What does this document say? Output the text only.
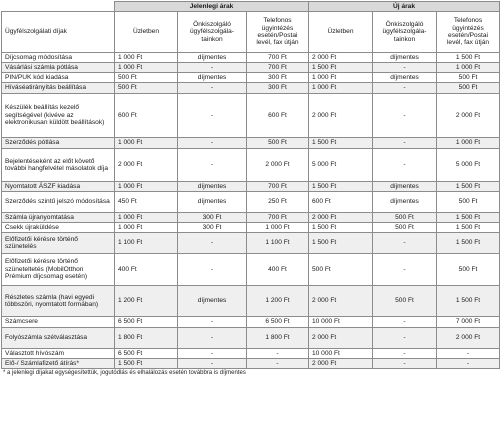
	Jelenlegi árak			Új árak		
Ügyfélszolgálati díjak	Üzletben	Önkiszolgáló ügyfélszolgála-tainkon	Telefonos ügyintézés esetén/Postai levél, fax útján	Üzletben	Önkiszolgáló ügyfélszolgála-tainkon	Telefonos ügyintézés esetén/Postai levél, fax útján
Díjcsomag módosítása	1 000 Ft	díjmentes	700 Ft	2 000 Ft	díjmentes	1 500 Ft
Vásárlási számla pótlása	1 000 Ft	-	700 Ft	1 500 Ft	-	1 000 Ft
PIN/PUK kód kiadása	500 Ft	díjmentes	300 Ft	1 000 Ft	díjmentes	500 Ft
Híváséatirányítás beállítása	500 Ft	-	300 Ft	1 000 Ft	-	500 Ft
Készülék beállítás kezelő segítségével (kivéve az elektronikusan küldött beállítások)	600 Ft	-	600 Ft	2 000 Ft	-	2 000 Ft
Szerződés pótlása	1 000 Ft	-	500 Ft	1 500 Ft	-	1 000 Ft
Bejelentéseként az előt követő további hangfelvétel másolatok díja	2 000 Ft	-	2 000 Ft	5 000 Ft	-	5 000 Ft
Nyomtatott ÁSZF kiadása	1 000 Ft	díjmentes	700 Ft	1 500 Ft	díjmentes	1 500 Ft
Szerződés szintű jelszó módosítása	450 Ft	díjmentes	250 Ft	600 Ft	díjmentes	500 Ft
Számla újranyomtatása	1 000 Ft	300 Ft	700 Ft	2 000 Ft	500 Ft	1 500 Ft
Csekk újraküldése	1 000 Ft	300 Ft	1 000 Ft	1 500 Ft	500 Ft	1 500 Ft
Előfizetői kérésre történő szünetelés	1 100 Ft	-	1 100 Ft	1 500 Ft	-	1 500 Ft
Előfizetői kérésre történő szüneteltetés (MobilOtthon Prémium díjcsomag esetén)	400 Ft	-	400 Ft	500 Ft	-	500 Ft
Részletes számla (havi egyedi többszöri, nyomtatott formában)	1 200 Ft	díjmentes	1 200 Ft	2 000 Ft	500 Ft	1 500 Ft
Számcsere	6 500 Ft	-	6 500 Ft	10 000 Ft	-	7 000 Ft
Folyószámla szétválasztása	1 800 Ft	-	1 800 Ft	2 000 Ft	-	2 000 Ft
Választott hívószám	6 500 Ft	-	-	10 000 Ft	-	-
Elő-/ Számlafizető átírás*	1 500 Ft	-	-	2 000 Ft	-	-
* a jelenlegi díjakat egységesítettük, jogutódlás és elhalálozás esetén továbbra is díjmentes
